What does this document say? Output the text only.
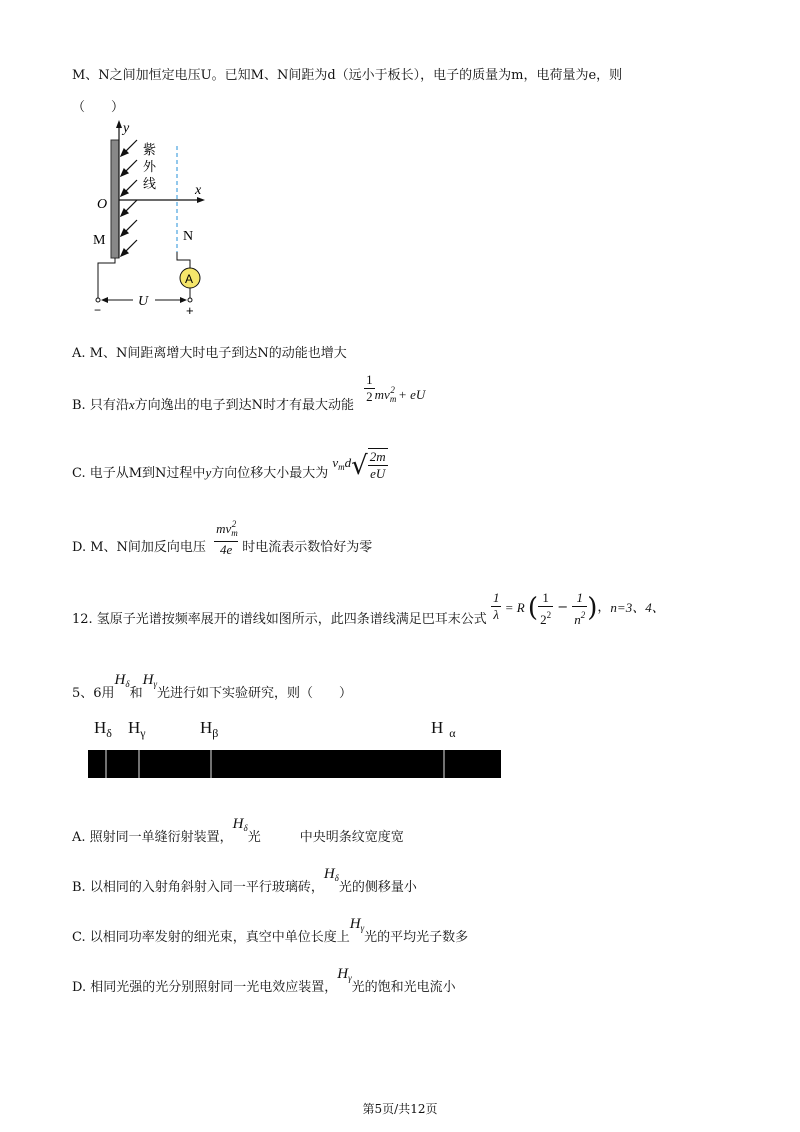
M、N之间加恒定电压U。已知M、N间距为d（远小于板长），电子的质量为m，电荷量为e，则
（　　）
y
x
O
紫
外
线
M	N
A
U
−	+
A. M、N间距离增大时电子到达N的动能也增大
B. 只有沿x方向逸出的电子到达N时才有最大动能
$\frac{1}{2} mv_m^2$ + eU
C. 电子从M到N过程中y方向位移大小最大为 $v_md√ \frac{2m}{eU}$
D. M、N间加反向电压 $\frac{mv_m^2}{4e}$ 时电流表示数恰好为零
12. 氢原子光谱按频率展开的谱线如图所示，此四条谱线满足巴耳末公式 $\frac{1}{\lambda} = R$ ( $\frac{1}{2^2} - \frac{1}{n^2}$ )，n=3、4、
5、6用$H_\delta$和$H_\gamma$光进行如下实验研究，则（　　）
$H_\delta$ $H_\gamma$	$H_\beta$	H $_\alpha$
A. 照射同一单缝衍射装置，$H_\delta$光　　　中央明条纹宽度宽
B. 以相同的入射角斜射入同一平行玻璃砖，$H_\delta$光的侧移量小
C. 以相同功率发射的细光束，真空中单位长度上$H_\gamma$光的平均光子数多
D. 相同光强的光分别照射同一光电效应装置，$H_\gamma$光的饱和光电流小
第5页/共12页
